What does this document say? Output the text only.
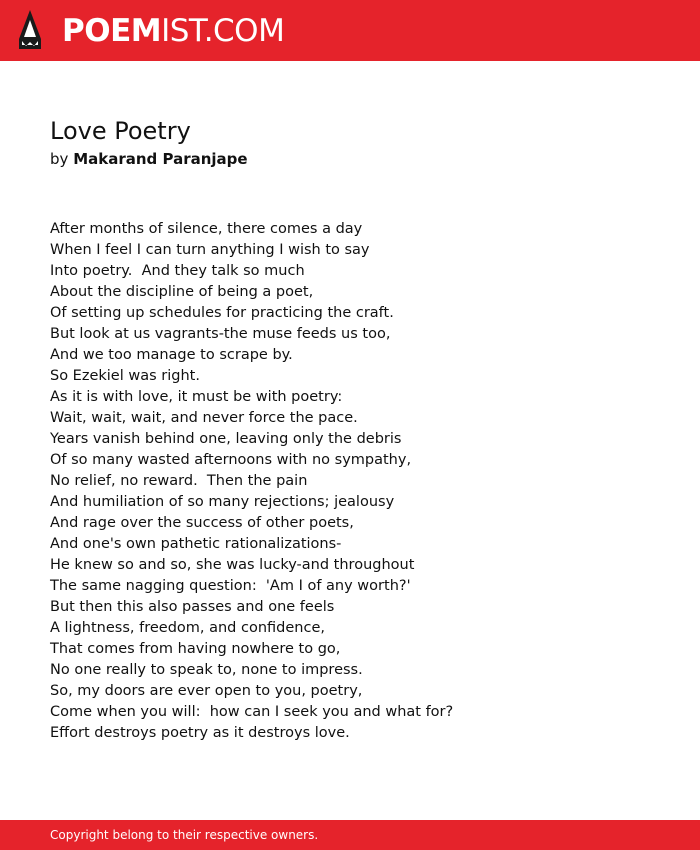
POEMIST.COM
Love Poetry
by Makarand Paranjape
After months of silence, there comes a day
When I feel I can turn anything I wish to say
Into poetry.  And they talk so much
About the discipline of being a poet,
Of setting up schedules for practicing the craft.
But look at us vagrants-the muse feeds us too,
And we too manage to scrape by.
So Ezekiel was right.
As it is with love, it must be with poetry:
Wait, wait, wait, and never force the pace.
Years vanish behind one, leaving only the debris
Of so many wasted afternoons with no sympathy,
No relief, no reward.  Then the pain
And humiliation of so many rejections; jealousy
And rage over the success of other poets,
And one's own pathetic rationalizations-
He knew so and so, she was lucky-and throughout
The same nagging question:  'Am I of any worth?'
But then this also passes and one feels
A lightness, freedom, and confidence,
That comes from having nowhere to go,
No one really to speak to, none to impress.
So, my doors are ever open to you, poetry,
Come when you will:  how can I seek you and what for?
Effort destroys poetry as it destroys love.
Copyright belong to their respective owners.
